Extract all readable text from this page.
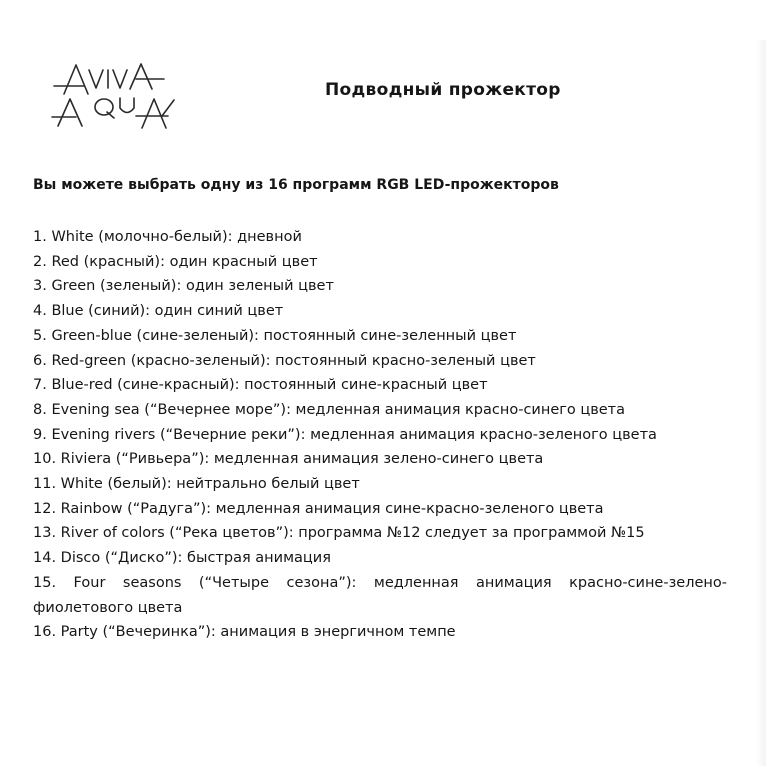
Подводный прожектор
Вы можете выбрать одну из 16 программ RGB LED-прожекторов
1. White (молочно-белый): дневной
2. Red (красный): один красный цвет
3. Green (зеленый): один зеленый цвет
4. Blue (синий): один синий цвет
5. Green-blue (сине-зеленый): постоянный сине-зеленный цвет
6. Red-green (красно-зеленый): постоянный красно-зеленый цвет
7. Blue-red (сине-красный): постоянный сине-красный цвет
8. Evening sea (“Вечернее море”): медленная анимация красно-синего цвета
9. Evening rivers (“Вечерние реки”): медленная анимация красно-зеленого цвета
10. Riviera (“Ривьера”): медленная анимация зелено-синего цвета
11. White (белый): нейтрально белый цвет
12. Rainbow (“Радуга”): медленная анимация сине-красно-зеленого цвета
13. River of colors (“Река цветов”): программа №12 следует за программой №15
14. Disco (“Диско”): быстрая анимация
15. Four seasons (“Четыре сезона”): медленная анимация красно-сине-зелено-фиолетового цвета
16. Party (“Вечеринка”): анимация в энергичном темпе
